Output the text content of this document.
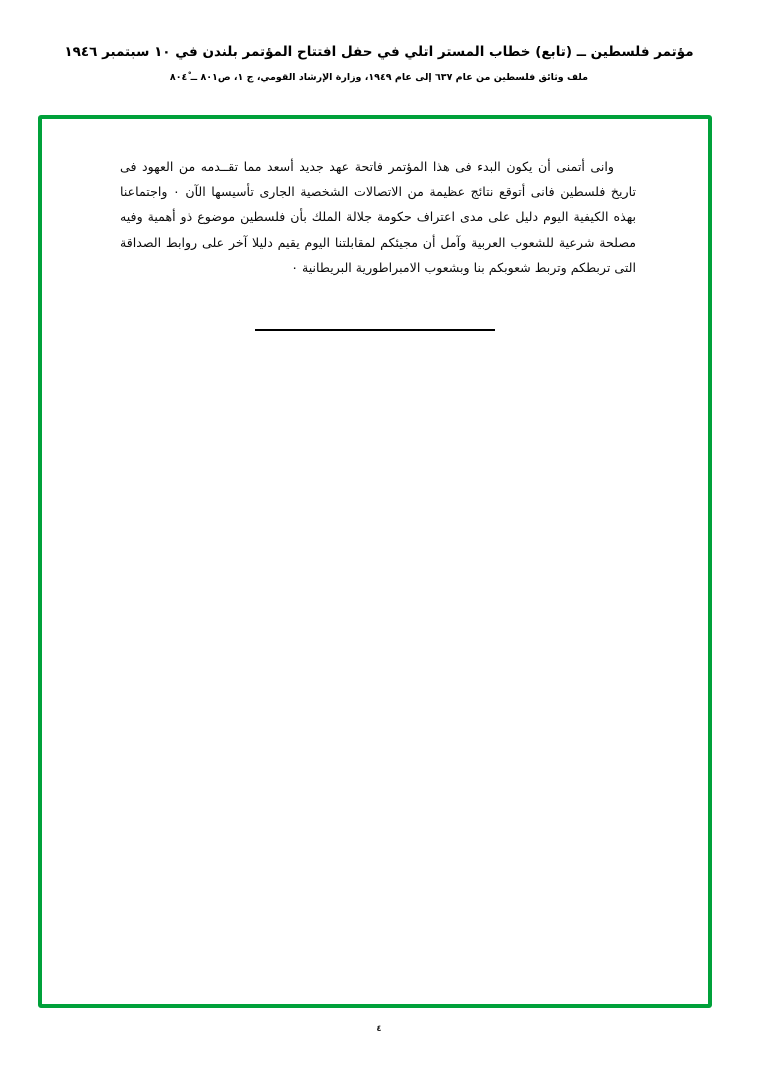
مؤتمر فلسطين ــ (تابع) خطاب المستر اتلي في حفل افتتاح المؤتمر بلندن في ١٠ سبتمبر ١٩٤٦
ملف وثائق فلسطين من عام ٦٣٧ إلى عام ١٩٤٩، وزارة الإرشاد القومي، ج ١، ص٨٠١ ــ ٨٠٤ْ

وانى أتمنى أن يكون البدء فى هذا المؤتمر فاتحة عهد جديد أسعد مما تقــدمه من العهود فى تاريخ فلسطين فانى أتوقع نتائج عظيمة من الاتصالات الشخصية الجارى تأسيسها الآن ٠ واجتماعنا بهذه الكيفية اليوم دليل على مدى اعتراف حكومة جلالة الملك بأن فلسطين موضوع ذو أهمية وفيه مصلحة شرعية للشعوب العربية وآمل أن مجيئكم لمقابلتنا اليوم يقيم دليلا آخر على روابط الصداقة التى تربطكم وتربط شعوبكم بنا وبشعوب الامبراطورية البريطانية ٠

٤
